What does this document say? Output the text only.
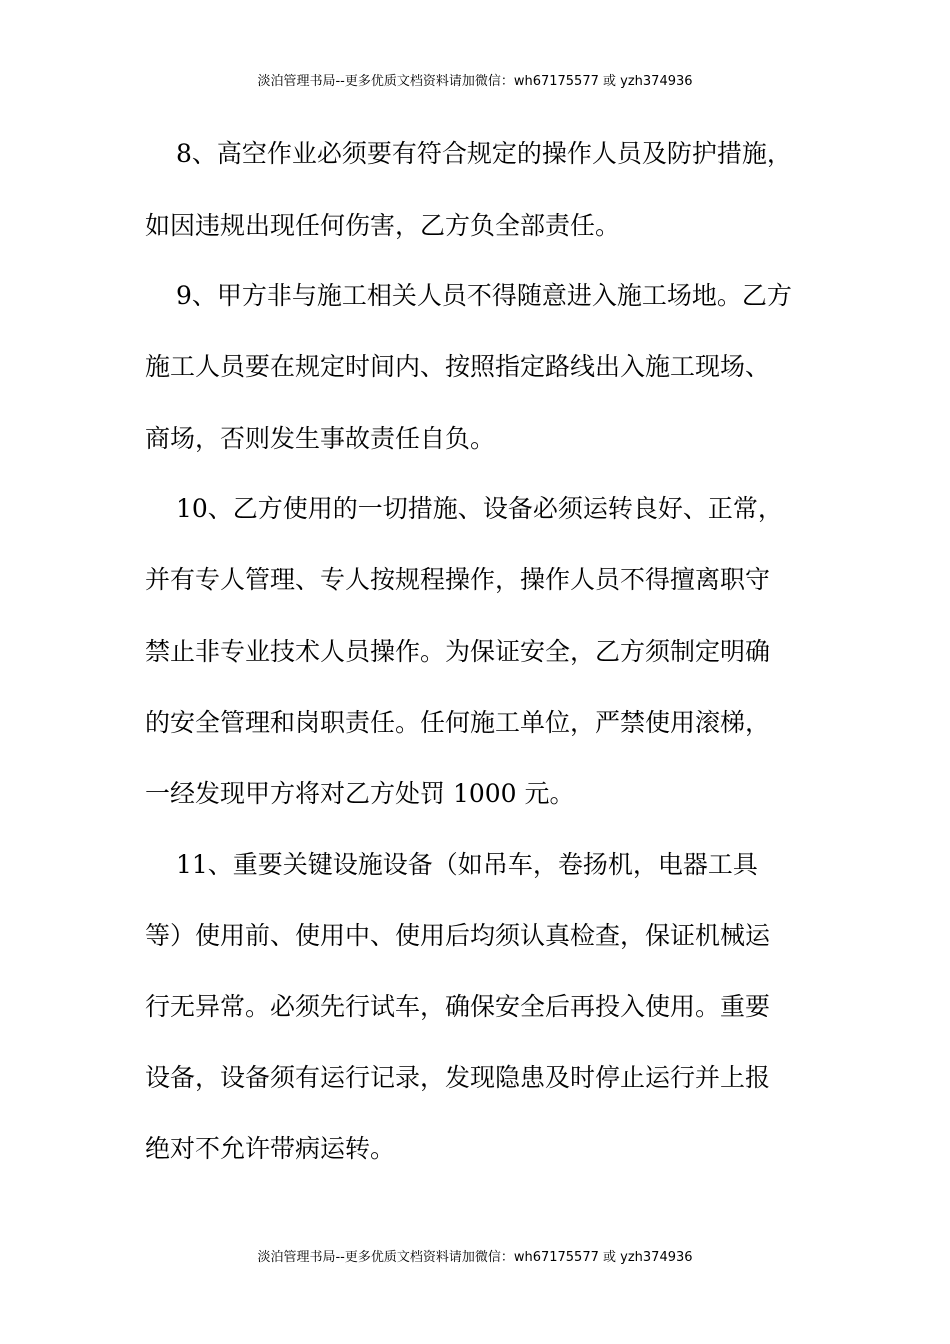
淡泊管理书局--更多优质文档资料请加微信：wh67175577 或 yzh374936
8、高空作业必须要有符合规定的操作人员及防护措施，
如因违规出现任何伤害，乙方负全部责任。
9、甲方非与施工相关人员不得随意进入施工场地。乙方
施工人员要在规定时间内、按照指定路线出入施工现场、
商场，否则发生事故责任自负。
10、乙方使用的一切措施、设备必须运转良好、正常，
并有专人管理、专人按规程操作，操作人员不得擅离职守
禁止非专业技术人员操作。为保证安全，乙方须制定明确
的安全管理和岗职责任。任何施工单位，严禁使用滚梯，
一经发现甲方将对乙方处罚 1000 元。
11、重要关键设施设备（如吊车，卷扬机，电器工具
等）使用前、使用中、使用后均须认真检查，保证机械运
行无异常。必须先行试车，确保安全后再投入使用。重要
设备，设备须有运行记录，发现隐患及时停止运行并上报
绝对不允许带病运转。
淡泊管理书局--更多优质文档资料请加微信：wh67175577 或 yzh374936
